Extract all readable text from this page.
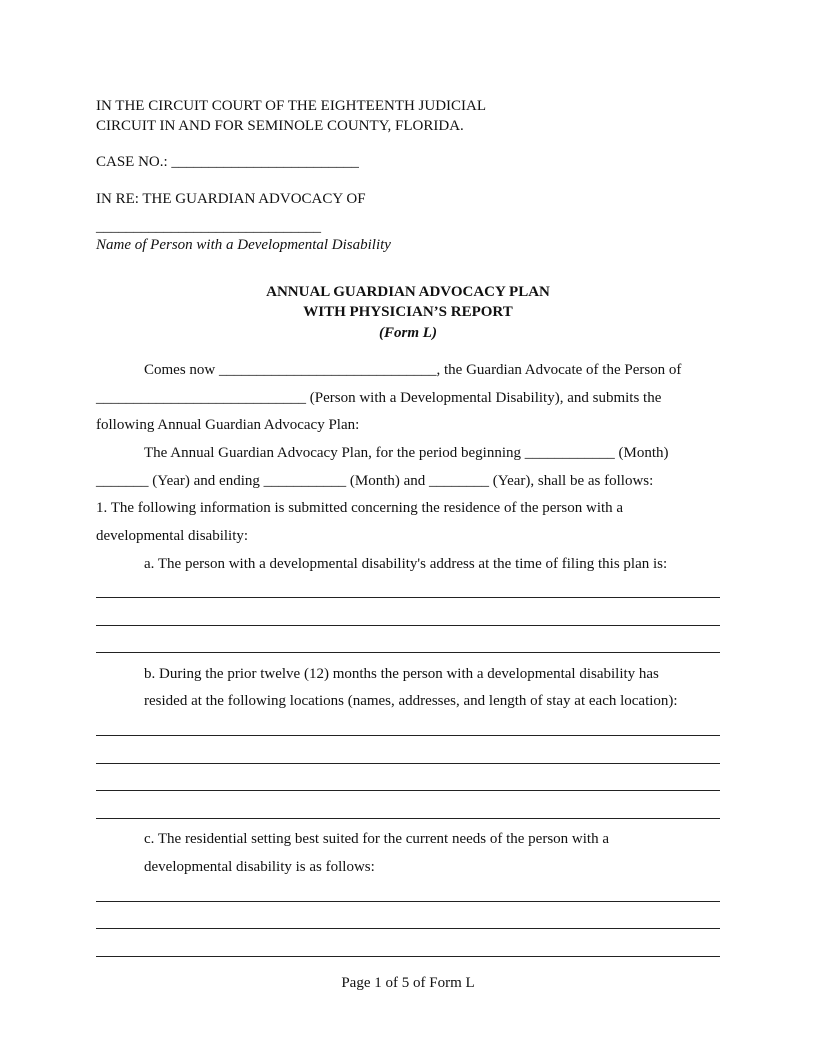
IN THE CIRCUIT COURT OF THE EIGHTEENTH JUDICIAL
CIRCUIT IN AND FOR SEMINOLE COUNTY, FLORIDA.
CASE NO.: _________________________
IN RE: THE GUARDIAN ADVOCACY OF
______________________________
Name of Person with a Developmental Disability
ANNUAL GUARDIAN ADVOCACY PLAN
WITH PHYSICIAN’S REPORT
(Form L)
Comes now _____________________________, the Guardian Advocate of the Person of
____________________________ (Person with a Developmental Disability), and submits the
following Annual Guardian Advocacy Plan:
The Annual Guardian Advocacy Plan, for the period beginning ____________ (Month)
_______ (Year) and ending ___________ (Month) and ________ (Year), shall be as follows:
1. The following information is submitted concerning the residence of the person with a
developmental disability:
a. The person with a developmental disability's address at the time of filing this plan is:
b. During the prior twelve (12) months the person with a developmental disability has
resided at the following locations (names, addresses, and length of stay at each location):
c. The residential setting best suited for the current needs of the person with a
developmental disability is as follows:
Page 1 of 5 of Form L
